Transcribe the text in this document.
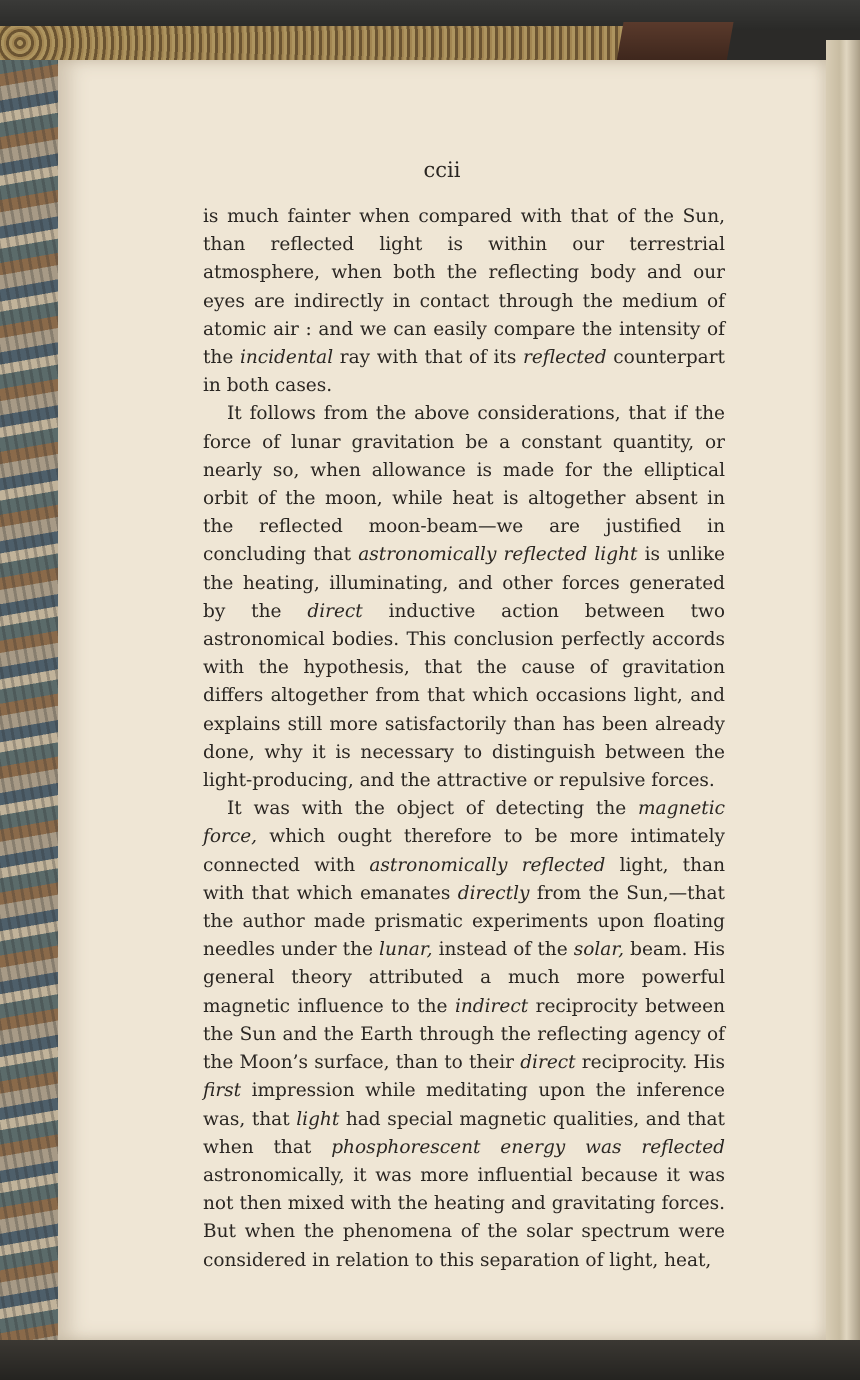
ccii

is much fainter when compared with that of the Sun, than reflected light is within our terrestrial atmosphere, when both the reflecting body and our eyes are indirectly in contact through the medium of atomic air : and we can easily compare the intensity of the incidental ray with that of its reflected counterpart in both cases.

It follows from the above considerations, that if the force of lunar gravitation be a constant quantity, or nearly so, when allowance is made for the elliptical orbit of the moon, while heat is altogether absent in the reflected moon-beam—we are justified in concluding that astronomically reflected light is unlike the heating, illuminating, and other forces generated by the direct inductive action between two astronomical bodies. This conclusion perfectly accords with the hypothesis, that the cause of gravitation differs altogether from that which occasions light, and explains still more satisfactorily than has been already done, why it is necessary to distinguish between the light-producing, and the attractive or repulsive forces.

It was with the object of detecting the magnetic force, which ought therefore to be more intimately connected with astronomically reflected light, than with that which emanates directly from the Sun,—that the author made prismatic experiments upon floating needles under the lunar, instead of the solar, beam. His general theory attributed a much more powerful magnetic influence to the indirect reciprocity between the Sun and the Earth through the reflecting agency of the Moon’s surface, than to their direct reciprocity. His first impression while meditating upon the inference was, that light had special magnetic qualities, and that when that phosphorescent energy was reflected astronomically, it was more influential because it was not then mixed with the heating and gravitating forces. But when the phenomena of the solar spectrum were considered in relation to this separation of light, heat,
